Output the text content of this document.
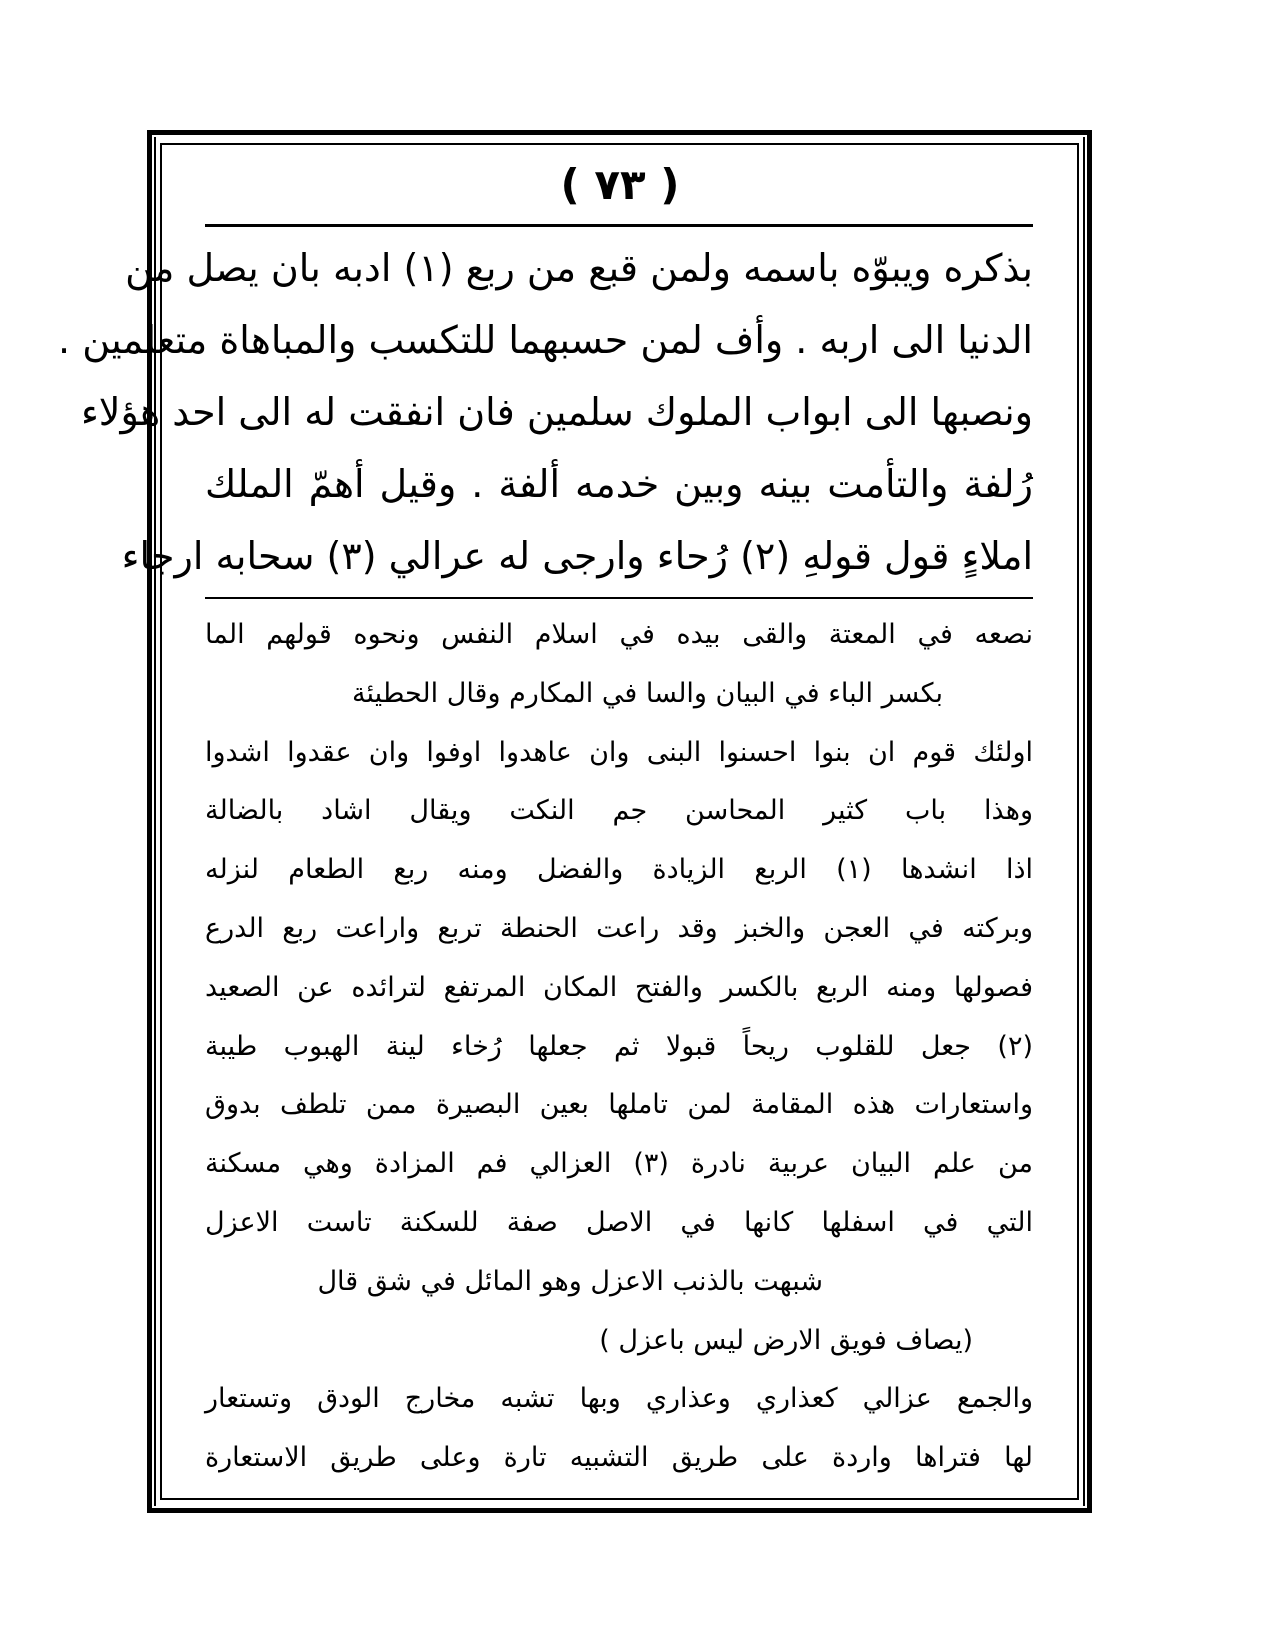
( ٧٣ )
بذكره ويبوّه باسمه ولمن قبع من ربع (١) ادبه بان يصل من
الدنيا الى اربه . وأف لمن حسبهما للتكسب والمباهاة متعلمين .
ونصبها الى ابواب الملوك سلمين فان انفقت له الى احد هؤلاء
رُلفة والتأمت بينه وبين خدمه ألفة . وقيل أهمّ الملك
املاءٍ قول قولهِ (٢) رُحاء وارجى له عرالي (٣) سحابه ارجاء
نصعه في المعتة والقى بيده في اسلام النفس ونحوه قولهم الما
بكسر الباء في البيان والسا في المكارم وقال الحطيئة
اولئك قوم ان بنوا احسنوا البنى وان عاهدوا اوفوا وان عقدوا اشدوا
وهذا باب كثير المحاسن جم النكت ويقال اشاد بالضالة
اذا انشدها (١) الربع الزيادة والفضل ومنه ربع الطعام لنزله
وبركته في العجن والخبز وقد راعت الحنطة تربع واراعت ربع الدرع
فصولها ومنه الربع بالكسر والفتح المكان المرتفع لترائده عن الصعيد
(٢) جعل للقلوب ريحاً قبولا ثم جعلها رُخاء لينة الهبوب طيبة
واستعارات هذه المقامة لمن تاملها بعين البصيرة ممن تلطف بدوق
من علم البيان عربية نادرة (٣) العزالي فم المزادة وهي مسكنة
التي في اسفلها كانها في الاصل صفة للسكنة تاست الاعزل
شبهت بالذنب الاعزل وهو المائل في شق قال
(يصاف فويق الارض ليس باعزل )
والجمع عزالي كعذاري وعذاري وبها تشبه مخارج الودق وتستعار
لها فتراها واردة على طريق التشبيه تارة وعلى طريق الاستعارة
